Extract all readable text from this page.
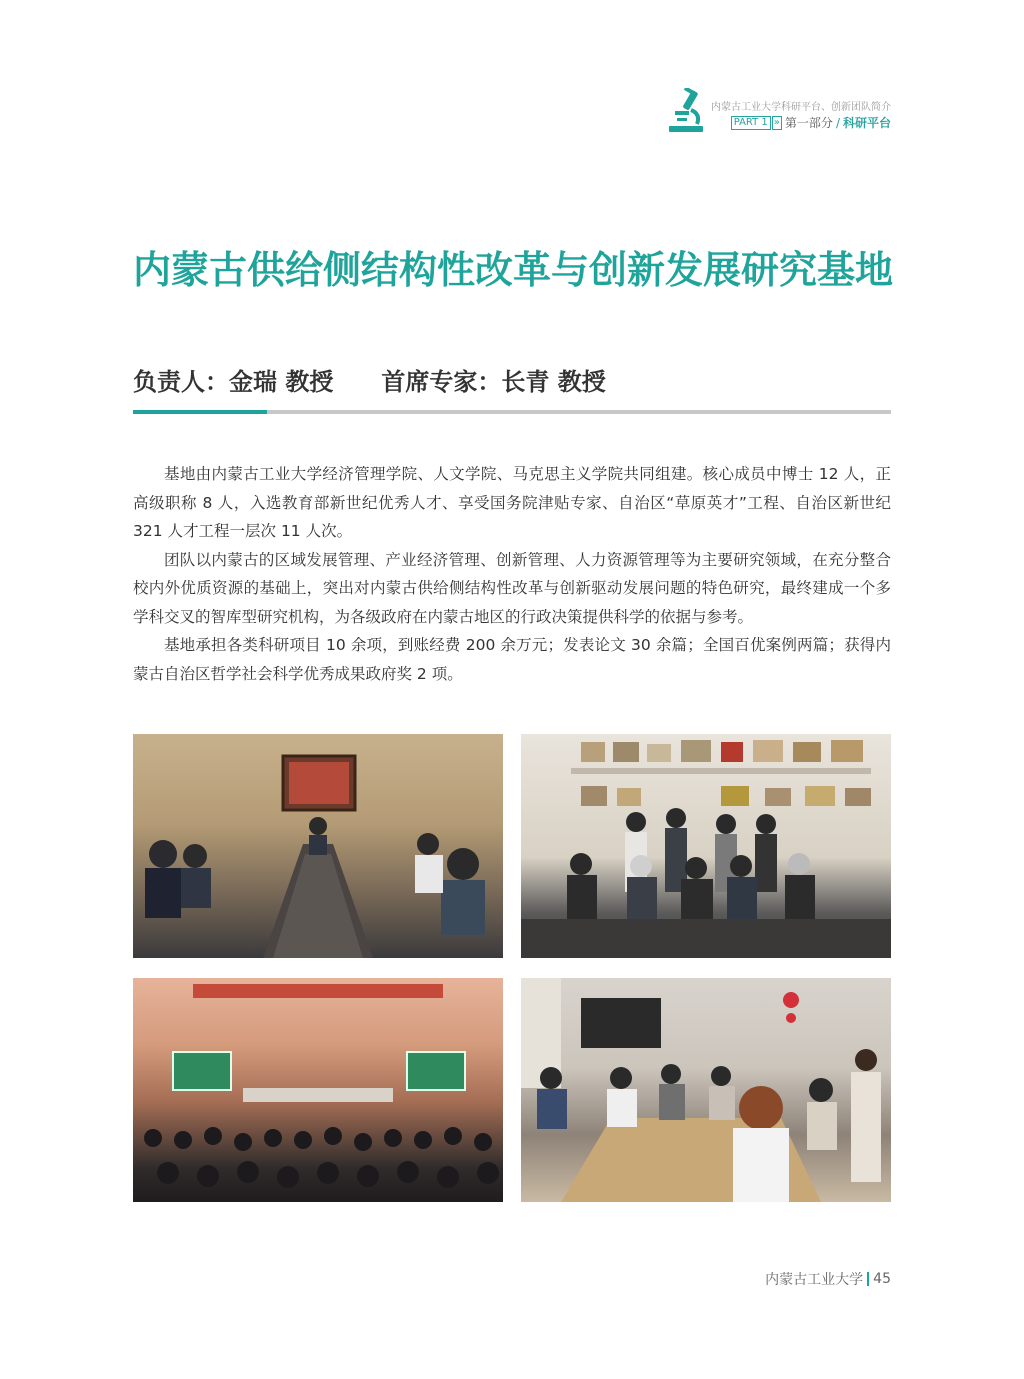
内蒙古工业大学科研平台、创新团队简介
PART 1 » 第一部分 / 科研平台
内蒙古供给侧结构性改革与创新发展研究基地
负责人：金瑞 教授 首席专家：长青 教授

基地由内蒙古工业大学经济管理学院、人文学院、马克思主义学院共同组建。核心成员中博士 12 人，正高级职称 8 人，入选教育部新世纪优秀人才、享受国务院津贴专家、自治区“草原英才”工程、自治区新世纪 321 人才工程一层次 11 人次。

团队以内蒙古的区域发展管理、产业经济管理、创新管理、人力资源管理等为主要研究领域，在充分整合校内外优质资源的基础上，突出对内蒙古供给侧结构性改革与创新驱动发展问题的特色研究，最终建成一个多学科交叉的智库型研究机构，为各级政府在内蒙古地区的行政决策提供科学的依据与参考。

基地承担各类科研项目 10 余项，到账经费 200 余万元；发表论文 30 余篇；全国百优案例两篇；获得内蒙古自治区哲学社会科学优秀成果政府奖 2 项。

内蒙古工业大学 45
